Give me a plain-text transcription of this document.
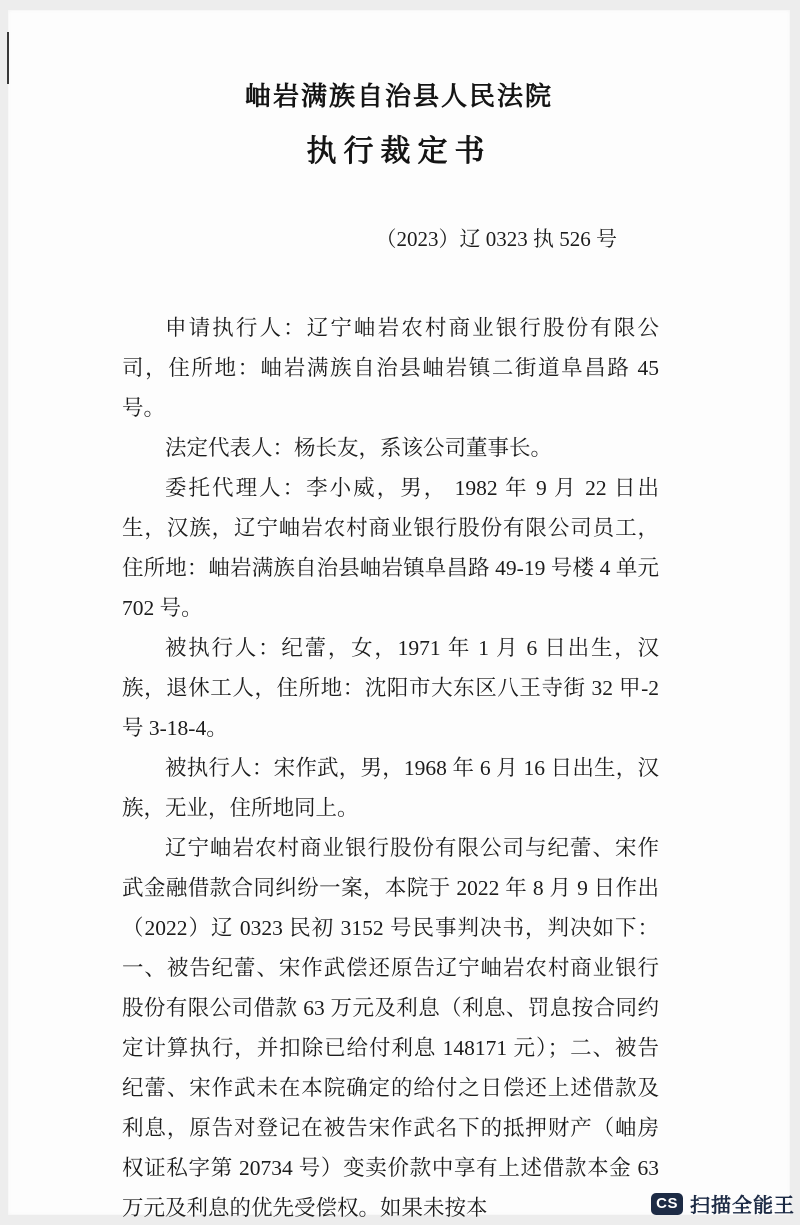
岫岩满族自治县人民法院
执行裁定书
（2023）辽 0323 执 526 号

申请执行人：辽宁岫岩农村商业银行股份有限公司，住所地：岫岩满族自治县岫岩镇二街道阜昌路 45 号。

法定代表人：杨长友，系该公司董事长。

委托代理人：李小威，男， 1982 年 9 月 22 日出生，汉族，辽宁岫岩农村商业银行股份有限公司员工，住所地：岫岩满族自治县岫岩镇阜昌路 49-19 号楼 4 单元 702 号。

被执行人：纪蕾，女，1971 年 1 月 6 日出生，汉族，退休工人，住所地：沈阳市大东区八王寺街 32 甲-2 号 3-18-4。

被执行人：宋作武，男，1968 年 6 月 16 日出生，汉族，无业，住所地同上。

辽宁岫岩农村商业银行股份有限公司与纪蕾、宋作武金融借款合同纠纷一案，本院于 2022 年 8 月 9 日作出（2022）辽 0323 民初 3152 号民事判决书，判决如下：一、被告纪蕾、宋作武偿还原告辽宁岫岩农村商业银行股份有限公司借款 63 万元及利息（利息、罚息按合同约定计算执行，并扣除已给付利息 148171 元）；二、被告纪蕾、宋作武未在本院确定的给付之日偿还上述借款及利息，原告对登记在被告宋作武名下的抵押财产（岫房权证私字第 20734 号）变卖价款中享有上述借款本金 63 万元及利息的优先受偿权。如果未按本	CS 扫描全能王
